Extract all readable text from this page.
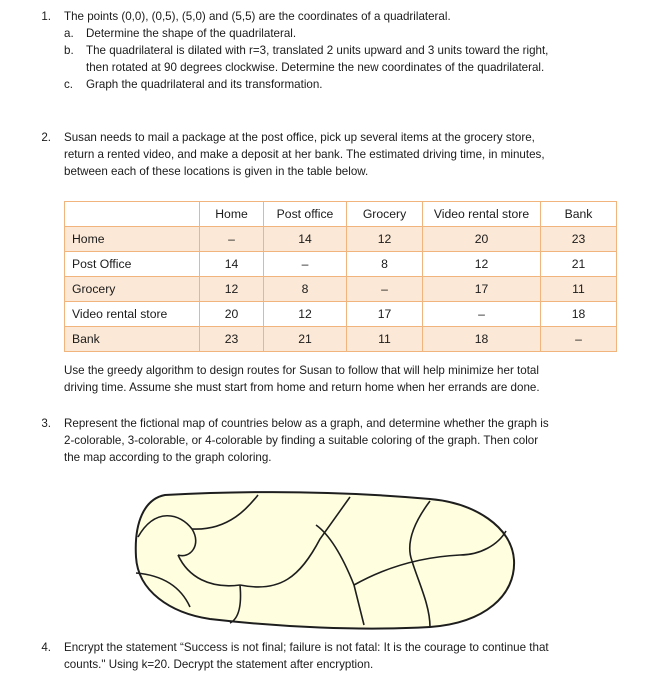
1. The points (0,0), (0,5), (5,0) and (5,5) are the coordinates of a quadrilateral.
a. Determine the shape of the quadrilateral.
b. The quadrilateral is dilated with r=3, translated 2 units upward and 3 units toward the right,
then rotated at 90 degrees clockwise. Determine the new coordinates of the quadrilateral.
c. Graph the quadrilateral and its transformation.
2. Susan needs to mail a package at the post office, pick up several items at the grocery store,
return a rented video, and make a deposit at her bank. The estimated driving time, in minutes,
between each of these locations is given in the table below.
	Home	Post office	Grocery	Video rental store	Bank
Home	–	14	12	20	23
Post Office	14	–	8	12	21
Grocery	12	8	–	17	11
Video rental store	20	12	17	–	18
Bank	23	21	11	18	–
Use the greedy algorithm to design routes for Susan to follow that will help minimize her total
driving time. Assume she must start from home and return home when her errands are done.
3. Represent the fictional map of countries below as a graph, and determine whether the graph is
2-colorable, 3-colorable, or 4-colorable by finding a suitable coloring of the graph. Then color
the map according to the graph coloring.
4. Encrypt the statement “Success is not final; failure is not fatal: It is the courage to continue that
counts." Using k=20. Decrypt the statement after encryption.
